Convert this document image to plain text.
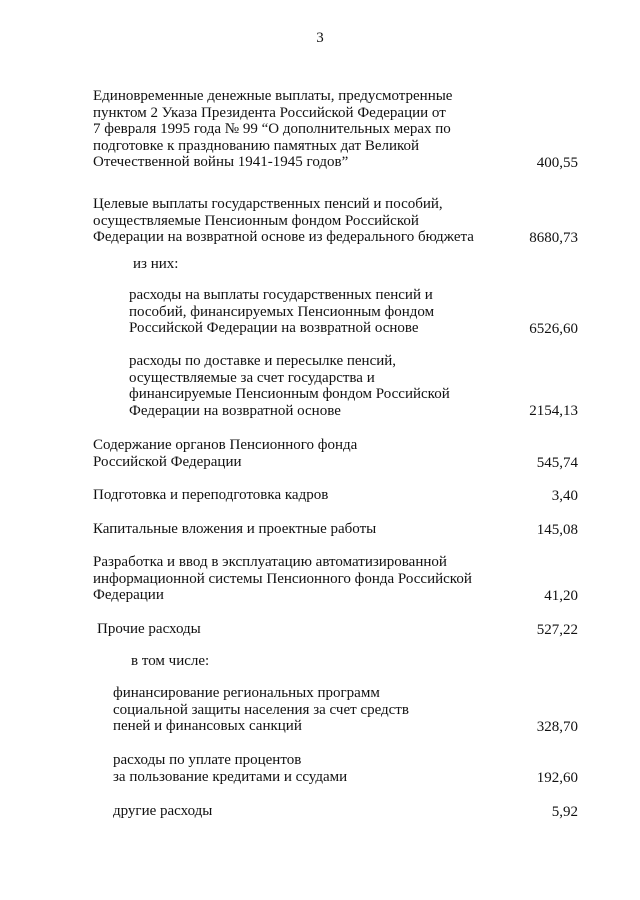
3
Единовременные денежные выплаты, предусмотренные
пунктом 2 Указа Президента Российской Федерации от
7 февраля 1995 года № 99 “О дополнительных мерах по
подготовке к празднованию памятных дат Великой
Отечественной войны 1941-1945 годов”	400,55
Целевые выплаты государственных пенсий и пособий,
осуществляемые Пенсионным фондом Российской
Федерации на возвратной основе из федерального бюджета	8680,73
из них:
расходы на выплаты государственных пенсий и
пособий, финансируемых Пенсионным фондом
Российской Федерации на возвратной основе	6526,60
расходы по доставке и пересылке пенсий,
осуществляемые за счет государства и
финансируемые Пенсионным фондом Российской
Федерации на возвратной основе	2154,13
Содержание органов Пенсионного фонда
Российской Федерации	545,74
Подготовка и переподготовка кадров	3,40
Капитальные вложения и проектные работы	145,08
Разработка и ввод в эксплуатацию автоматизированной
информационной системы Пенсионного фонда Российской
Федерации	41,20
Прочие расходы	527,22
в том числе:
финансирование региональных программ
социальной защиты населения за счет средств
пеней и финансовых санкций	328,70
расходы по уплате процентов
за пользование кредитами и ссудами	192,60
другие расходы	5,92
